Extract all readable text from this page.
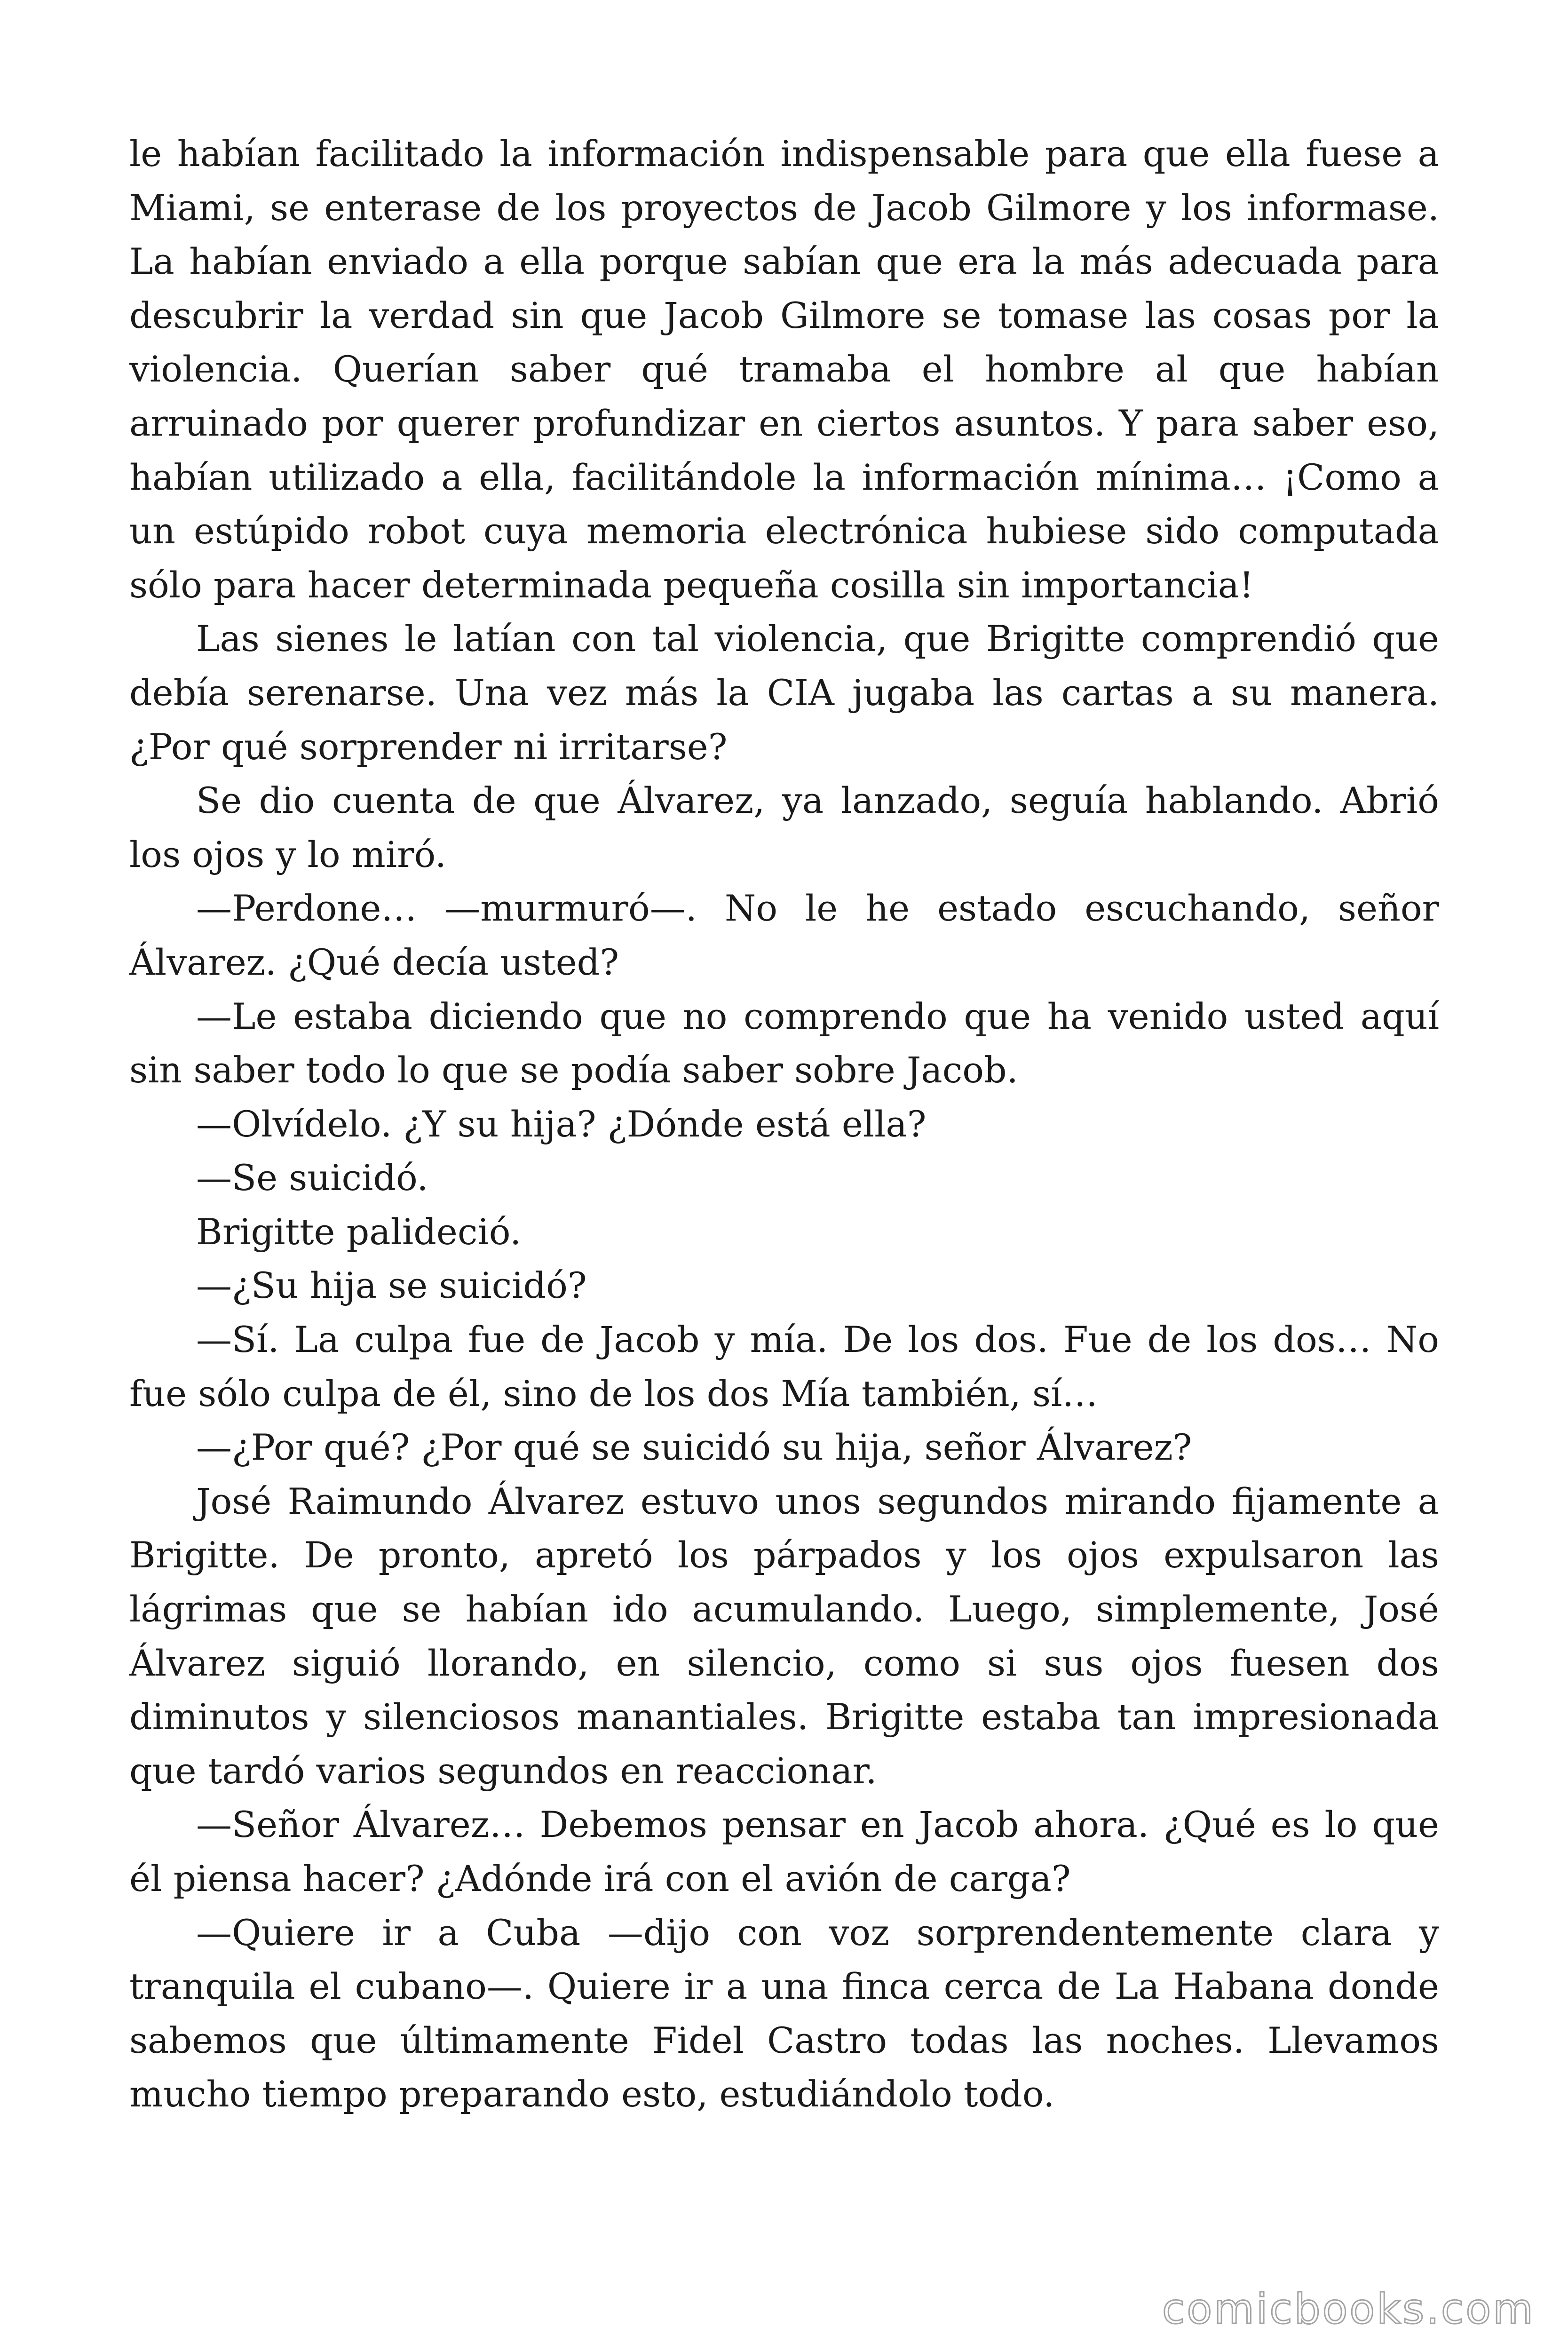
le habían facilitado la información indispensable para que ella fuese a Miami, se enterase de los proyectos de Jacob Gilmore y los informase. La habían enviado a ella porque sabían que era la más adecuada para descubrir la verdad sin que Jacob Gilmore se tomase las cosas por la violencia. Querían saber qué tramaba el hombre al que habían arruinado por querer profundizar en ciertos asuntos. Y para saber eso, habían utilizado a ella, facilitándole la información mínima… ¡Como a un estúpido robot cuya memoria electrónica hubiese sido computada sólo para hacer determinada pequeña cosilla sin importancia!

Las sienes le latían con tal violencia, que Brigitte comprendió que debía serenarse. Una vez más la CIA jugaba las cartas a su manera. ¿Por qué sorprender ni irritarse?

Se dio cuenta de que Álvarez, ya lanzado, seguía hablando. Abrió los ojos y lo miró.

—Perdone… —murmuró—. No le he estado escuchando, señor Álvarez. ¿Qué decía usted?

—Le estaba diciendo que no comprendo que ha venido usted aquí sin saber todo lo que se podía saber sobre Jacob.

—Olvídelo. ¿Y su hija? ¿Dónde está ella?

—Se suicidó.

Brigitte palideció.

—¿Su hija se suicidó?

—Sí. La culpa fue de Jacob y mía. De los dos. Fue de los dos… No fue sólo culpa de él, sino de los dos Mía también, sí…

—¿Por qué? ¿Por qué se suicidó su hija, señor Álvarez?

José Raimundo Álvarez estuvo unos segundos mirando fijamente a Brigitte. De pronto, apretó los párpados y los ojos expulsaron las lágrimas que se habían ido acumulando. Luego, simplemente, José Álvarez siguió llorando, en silencio, como si sus ojos fuesen dos diminutos y silenciosos manantiales. Brigitte estaba tan impresionada que tardó varios segundos en reaccionar.

—Señor Álvarez… Debemos pensar en Jacob ahora. ¿Qué es lo que él piensa hacer? ¿Adónde irá con el avión de carga?

—Quiere ir a Cuba —dijo con voz sorprendentemente clara y tranquila el cubano—. Quiere ir a una finca cerca de La Habana donde sabemos que últimamente Fidel Castro todas las noches. Llevamos mucho tiempo preparando esto, estudiándolo todo.

comicbooks.com
